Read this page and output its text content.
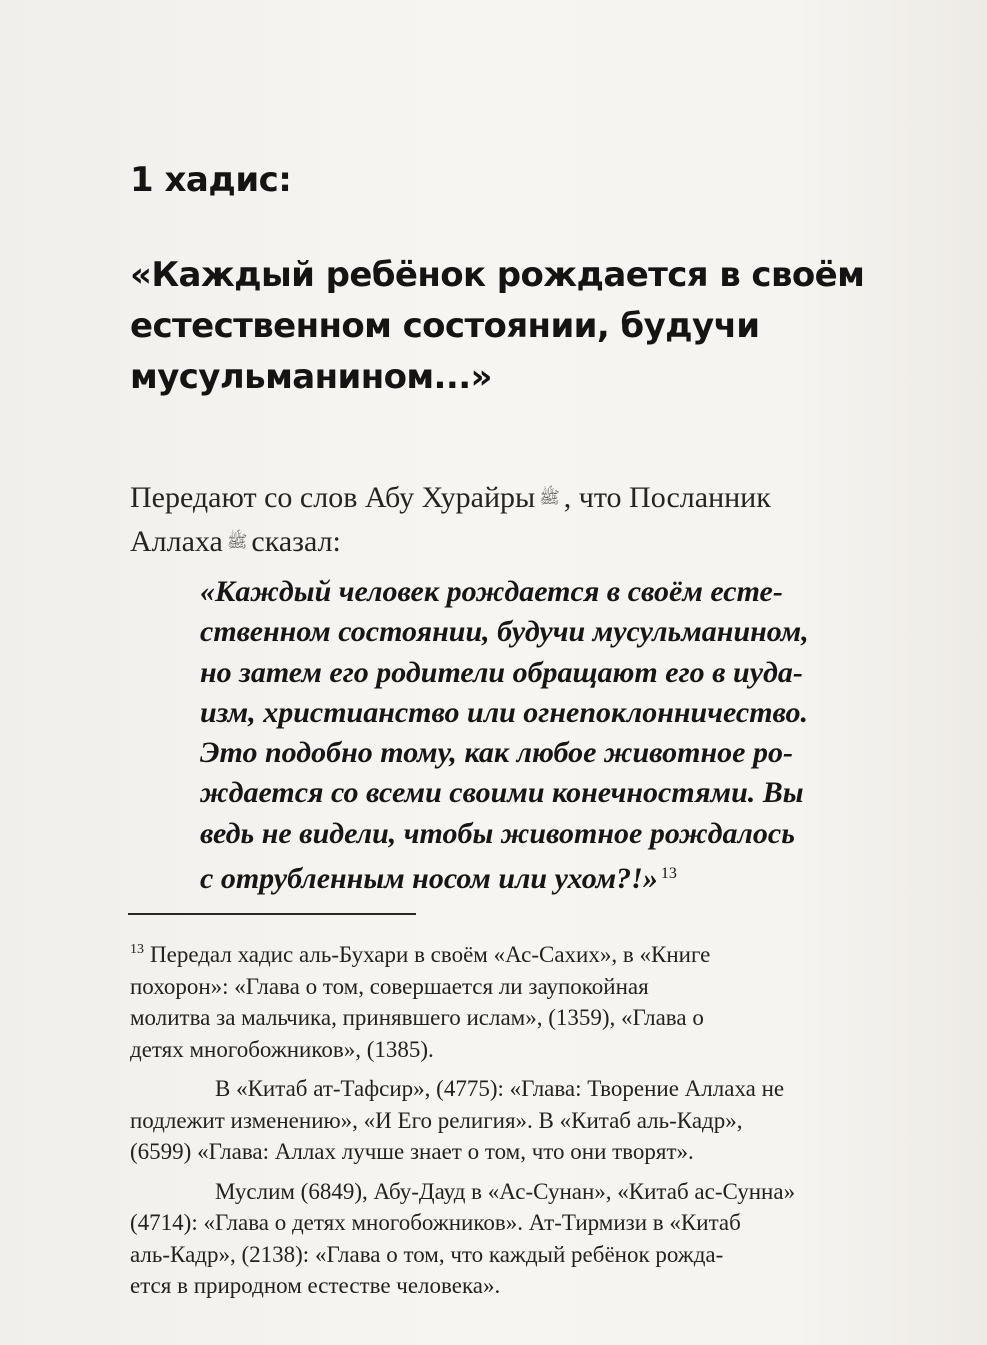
1 хадис:
«Каждый ребёнок рождается в своём
естественном состоянии, будучи
мусульманином...»
Передают со слов Абу Хурайры ﷺ , что Посланник
Аллаха ﷺ сказал:
«Каждый человек рождается в своём есте-
ственном состоянии, будучи мусульманином,
но затем его родители обращают его в иуда-
изм, христианство или огнепоклонничество.
Это подобно тому, как любое животное ро-
ждается со всеми своими конечностями. Вы
ведь не видели, чтобы животное рождалось
с отрубленным носом или ухом?!» $^{13}$
$^{13}$ Передал хадис аль-Бухари в своём «Ас-Сахих», в «Книге
похорон»: «Глава о том, совершается ли заупокойная
молитва за мальчика, принявшего ислам», (1359), «Глава о
детях многобожников», (1385).
В «Китаб ат-Тафсир», (4775): «Глава: Творение Аллаха не
подлежит изменению», «И Его религия». В «Китаб аль-Кадр»,
(6599) «Глава: Аллах лучше знает о том, что они творят».
Муслим (6849), Абу-Дауд в «Ас-Сунан», «Китаб ас-Сунна»
(4714): «Глава о детях многобожников». Ат-Тирмизи в «Китаб
аль-Кадр», (2138): «Глава о том, что каждый ребёнок рожда-
ется в природном естестве человека».
